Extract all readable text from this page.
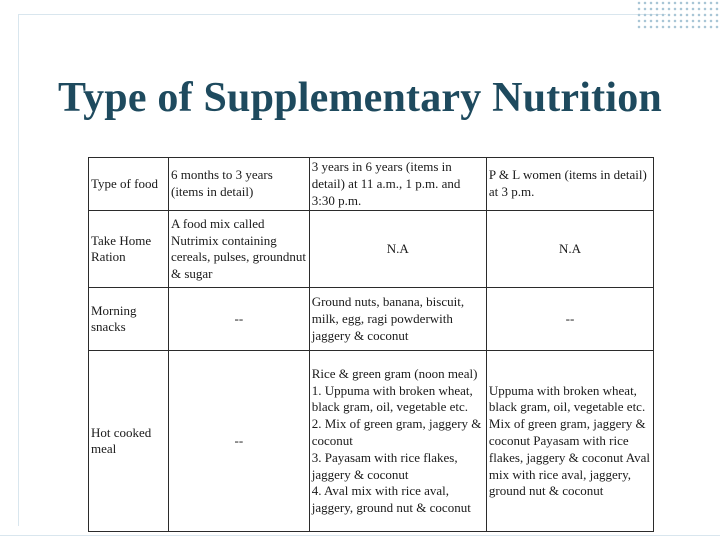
Type of Supplementary Nutrition
Type of food	6 months to 3 years (items in detail)	3 years in 6 years (items in detail) at 11 a.m., 1 p.m. and 3:30 p.m.	P & L women (items in detail) at 3 p.m.
Take Home Ration	A food mix called Nutrimix containing cereals, pulses, groundnut & sugar	N.A	N.A
Morning snacks	--	Ground nuts, banana, biscuit, milk, egg, ragi powderwith jaggery & coconut	--
Hot cooked meal	--	Rice & green gram (noon meal)
1. Uppuma with broken wheat, black gram, oil, vegetable etc.
2. Mix of green gram, jaggery & coconut
3. Payasam with rice flakes, jaggery & coconut
4. Aval mix with rice aval, jaggery, ground nut & coconut	Uppuma with broken wheat, black gram, oil, vegetable etc. Mix of green gram, jaggery & coconut Payasam with rice flakes, jaggery & coconut Aval mix with rice aval, jaggery, ground nut & coconut
